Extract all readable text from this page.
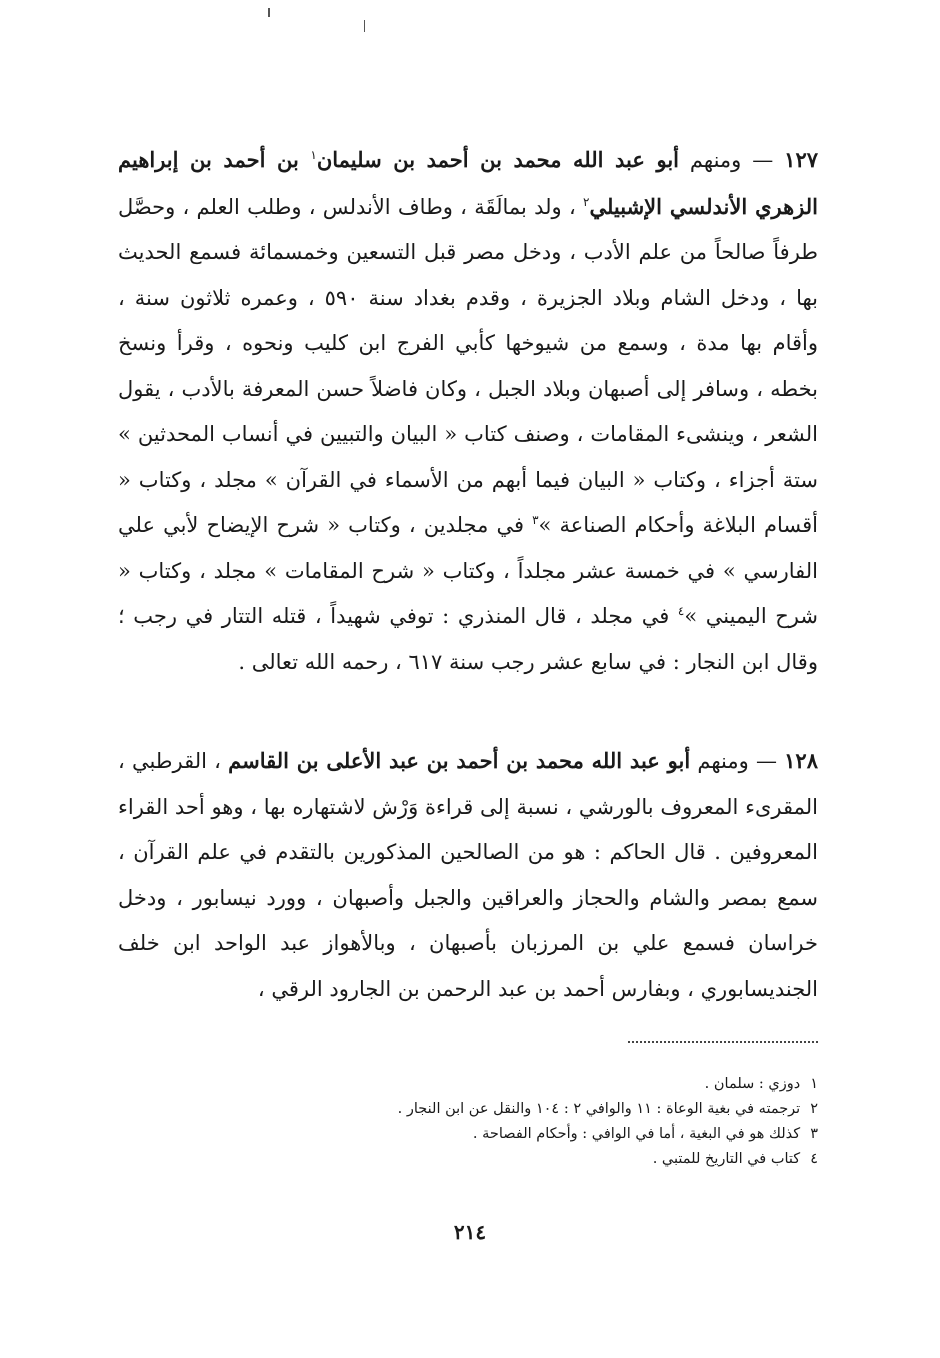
١٢٧ — ومنهم أبو عبد الله محمد بن أحمد بن سليمان$^١$ بن أحمد بن إبراهيم الزهري الأندلسي الإشبيلي$^٢$ ، ولد بمالَقَة ، وطاف الأندلس ، وطلب العلم ، وحصَّل طرفاً صالحاً من علم الأدب ، ودخل مصر قبل التسعين وخمسمائة فسمع الحديث بها ، ودخل الشام وبلاد الجزيرة ، وقدم بغداد سنة ٥٩٠ ، وعمره ثلاثون سنة ، وأقام بها مدة ، وسمع من شيوخها كأبي الفرج ابن كليب ونحوه ، وقرأ ونسخ بخطه ، وسافر إلى أصبهان وبلاد الجبل ، وكان فاضلاً حسن المعرفة بالأدب ، يقول الشعر ، وينشىء المقامات ، وصنف كتاب « البيان والتبيين في أنساب المحدثين » ستة أجزاء ، وكتاب « البيان فيما أبهم من الأسماء في القرآن » مجلد ، وكتاب « أقسام البلاغة وأحكام الصناعة »$^٣$ في مجلدين ، وكتاب « شرح الإيضاح لأبي علي الفارسي » في خمسة عشر مجلداً ، وكتاب « شرح المقامات » مجلد ، وكتاب « شرح اليميني »$^٤$ في مجلد ، قال المنذري : توفي شهيداً ، قتله التتار في رجب ؛ وقال ابن النجار : في سابع عشر رجب سنة ٦١٧ ، رحمه الله تعالى .

١٢٨ — ومنهم أبو عبد الله محمد بن أحمد بن عبد الأعلى بن القاسم ، القرطبي ، المقرىء المعروف بالورشي ، نسبة إلى قراءة وَرْش لاشتهاره بها ، وهو أحد القراء المعروفين . قال الحاكم : هو من الصالحين المذكورين بالتقدم في علم القرآن ، سمع بمصر والشام والحجاز والعراقين والجبل وأصبهان ، وورد نيسابور ، ودخل خراسان فسمع علي بن المرزبان بأصبهان ، وبالأهواز عبد الواحد ابن خلف الجنديسابوري ، وبفارس أحمد بن عبد الرحمن بن الجارود الرقي ،

١دوزي : سلمان .
٢ترجمته في بغية الوعاة : ١١ والوافي ٢ : ١٠٤ والنقل عن ابن النجار .
٣كذلك هو في البغية ، أما في الوافي : وأحكام الفصاحة .
٤كتاب في التاريخ للمتبي .
٢١٤
